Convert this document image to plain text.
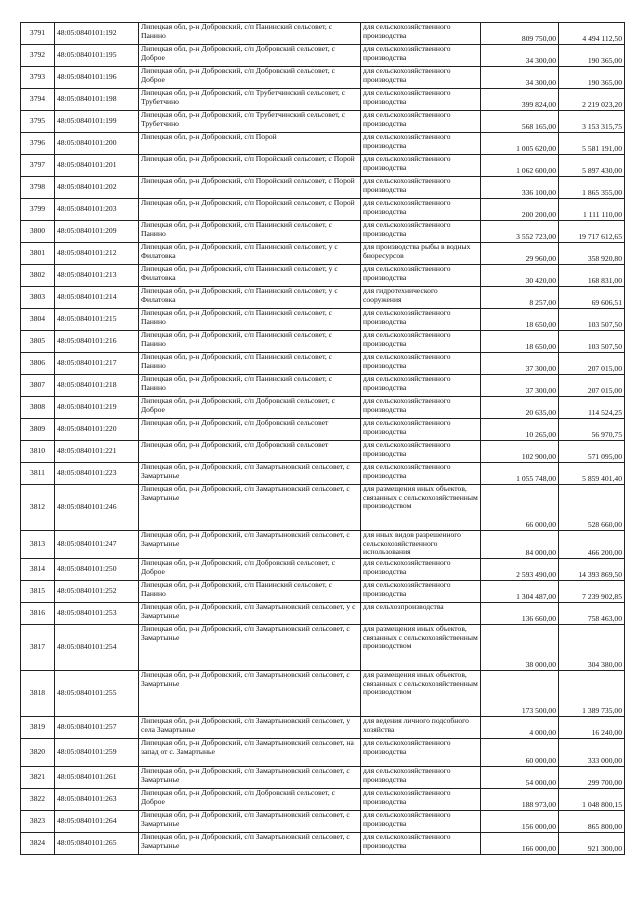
3791	48:05:0840101:192	Липецкая обл, р-н Добровский, с/п Панинский сельсовет, с Панино	для сельскохозяйственного производства	809 750,00	4 494 112,50
3792	48:05:0840101:195	Липецкая обл, р-н Добровский, с/п Добровский сельсовет, с Доброе	для сельскохозяйственного производства	34 300,00	190 365,00
3793	48:05:0840101:196	Липецкая обл, р-н Добровский, с/п Добровский сельсовет, с Доброе	для сельскохозяйственного производства	34 300,00	190 365,00
3794	48:05:0840101:198	Липецкая обл, р-н Добровский, с/п Трубетчинский сельсовет, с Трубетчино	для сельскохозяйственного производства	399 824,00	2 219 023,20
3795	48:05:0840101:199	Липецкая обл, р-н Добровский, с/п Трубетчинский сельсовет, с Трубетчино	для сельскохозяйственного производства	568 165,00	3 153 315,75
3796	48:05:0840101:200	Липецкая обл, р-н Добровский, с/п Порой	для сельскохозяйственного производства	1 005 620,00	5 581 191,00
3797	48:05:0840101:201	Липецкая обл, р-н Добровский, с/п Поройский сельсовет, с Порой	для сельскохозяйственного производства	1 062 600,00	5 897 430,00
3798	48:05:0840101:202	Липецкая обл, р-н Добровский, с/п Поройский сельсовет, с Порой	для сельскохозяйственного производства	336 100,00	1 865 355,00
3799	48:05:0840101:203	Липецкая обл, р-н Добровский, с/п Поройский сельсовет, с Порой	для сельскохозяйственного производства	200 200,00	1 111 110,00
3800	48:05:0840101:209	Липецкая обл, р-н Добровский, с/п Панинский сельсовет, с Панино	для сельскохозяйственного производства	3 552 723,00	19 717 612,65
3801	48:05:0840101:212	Липецкая обл, р-н Добровский, с/п Панинский сельсовет, у с Филатовка	для производства рыбы в водных биоресурсов	29 960,00	358 920,80
3802	48:05:0840101:213	Липецкая обл, р-н Добровский, с/п Панинский сельсовет, у с Филатовка	для сельскохозяйственного производства	30 420,00	168 831,00
3803	48:05:0840101:214	Липецкая обл, р-н Добровский, с/п Панинский сельсовет, у с Филатовка	для гидротехнического сооружения	8 257,00	69 606,51
3804	48:05:0840101:215	Липецкая обл, р-н Добровский, с/п Панинский сельсовет, с Панино	для сельскохозяйственного производства	18 650,00	103 507,50
3805	48:05:0840101:216	Липецкая обл, р-н Добровский, с/п Панинский сельсовет, с Панино	для сельскохозяйственного производства	18 650,00	103 507,50
3806	48:05:0840101:217	Липецкая обл, р-н Добровский, с/п Панинский сельсовет, с Панино	для сельскохозяйственного производства	37 300,00	207 015,00
3807	48:05:0840101:218	Липецкая обл, р-н Добровский, с/п Панинский сельсовет, с Панино	для сельскохозяйственного производства	37 300,00	207 015,00
3808	48:05:0840101:219	Липецкая обл, р-н Добровский, с/п Добровский сельсовет, с Доброе	для сельскохозяйственного производства	20 635,00	114 524,25
3809	48:05:0840101:220	Липецкая обл, р-н Добровский, с/п Добровский сельсовет	для сельскохозяйственного производства	10 265,00	56 970,75
3810	48:05:0840101:221	Липецкая обл, р-н Добровский, с/п Добровский сельсовет	для сельскохозяйственного производства	102 900,00	571 095,00
3811	48:05:0840101:223	Липецкая обл, р-н Добровский, с/п Замартыновский сельсовет, с Замартынье	для сельскохозяйственного производства	1 055 748,00	5 859 401,40
3812	48:05:0840101:246	Липецкая обл, р-н Добровский, с/п Замартыновский сельсовет, с Замартынье	для размещения иных объектов, связанных с сельскохозяйственным производством	66 000,00	528 660,00
3813	48:05:0840101:247	Липецкая обл, р-н Добровский, с/п Замартыновский сельсовет, с Замартынье	для иных видов разрешенного сельскохозяйственного использования	84 000,00	466 200,00
3814	48:05:0840101:250	Липецкая обл, р-н Добровский, с/п Добровский сельсовет, с Доброе	для сельскохозяйственного производства	2 593 490,00	14 393 869,50
3815	48:05:0840101:252	Липецкая обл, р-н Добровский, с/п Панинский сельсовет, с Панино	для сельскохозяйственного производства	1 304 487,00	7 239 902,85
3816	48:05:0840101:253	Липецкая обл, р-н Добровский, с/п Замартыновский сельсовет, у с Замартынье	для сельхозпроизводства	136 660,00	758 463,00
3817	48:05:0840101:254	Липецкая обл, р-н Добровский, с/п Замартыновский сельсовет, с Замартынье	для размещения иных объектов, связанных с сельскохозяйственным производством	38 000,00	304 380,00
3818	48:05:0840101:255	Липецкая обл, р-н Добровский, с/п Замартыновский сельсовет, с Замартынье	для размещения иных объектов, связанных с сельскохозяйственным производством	173 500,00	1 389 735,00
3819	48:05:0840101:257	Липецкая обл, р-н Добровский, с/п Замартыновский сельсовет, у села Замартынье	для ведения личного подсобного хозяйства	4 000,00	16 240,00
3820	48:05:0840101:259	Липецкая обл, р-н Добровский, с/п Замартыновский сельсовет, на запад от с. Замартынье	для сельскохозяйственного производства	60 000,00	333 000,00
3821	48:05:0840101:261	Липецкая обл, р-н Добровский, с/п Замартыновский сельсовет, с Замартынье	для сельскохозяйственного производства	54 000,00	299 700,00
3822	48:05:0840101:263	Липецкая обл, р-н Добровский, с/п Добровский сельсовет, с Доброе	для сельскохозяйственного производства	188 973,00	1 048 800,15
3823	48:05:0840101:264	Липецкая обл, р-н Добровский, с/п Замартыновский сельсовет, с Замартынье	для сельскохозяйственного производства	156 000,00	865 800,00
3824	48:05:0840101:265	Липецкая обл, р-н Добровский, с/п Замартыновский сельсовет, с Замартынье	для сельскохозяйственного производства	166 000,00	921 300,00
